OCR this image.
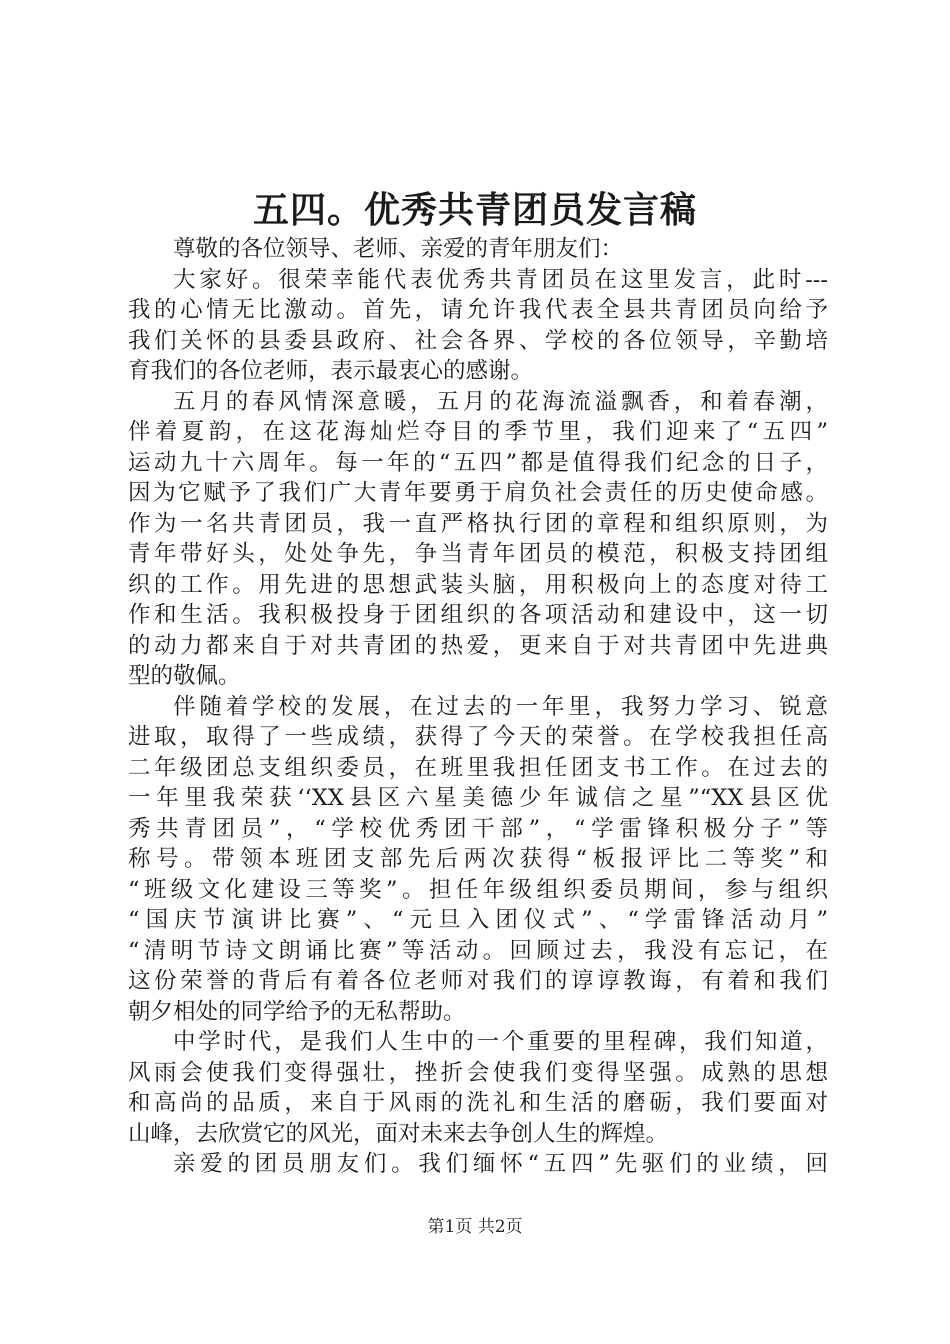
五四。优秀共青团员发言稿
尊敬的各位领导、老师、亲爱的青年朋友们：
大家好。很荣幸能代表优秀共青团员在这里发言，此时---
我的心情无比激动。首先，请允许我代表全县共青团员向给予
我们关怀的县委县政府、社会各界、学校的各位领导，辛勤培
育我们的各位老师，表示最衷心的感谢。
五月的春风情深意暖，五月的花海流溢飘香，和着春潮，
伴着夏韵，在这花海灿烂夺目的季节里，我们迎来了“五四”
运动九十六周年。每一年的“五四”都是值得我们纪念的日子，
因为它赋予了我们广大青年要勇于肩负社会责任的历史使命感。
作为一名共青团员，我一直严格执行团的章程和组织原则，为
青年带好头，处处争先，争当青年团员的模范，积极支持团组
织的工作。用先进的思想武装头脑，用积极向上的态度对待工
作和生活。我积极投身于团组织的各项活动和建设中，这一切
的动力都来自于对共青团的热爱，更来自于对共青团中先进典
型的敬佩。
伴随着学校的发展，在过去的一年里，我努力学习、锐意
进取，取得了一些成绩，获得了今天的荣誉。在学校我担任高
二年级团总支组织委员，在班里我担任团支书工作。在过去的
一年里我荣获‘‘XX县区六星美德少年诚信之星”“XX县区优
秀共青团员”，“学校优秀团干部”，“学雷锋积极分子”等
称号。带领本班团支部先后两次获得“板报评比二等奖”和
“班级文化建设三等奖”。担任年级组织委员期间，参与组织
“国庆节演讲比赛”、“元旦入团仪式”、“学雷锋活动月”
“清明节诗文朗诵比赛”等活动。回顾过去，我没有忘记，在
这份荣誉的背后有着各位老师对我们的谆谆教诲，有着和我们
朝夕相处的同学给予的无私帮助。
中学时代，是我们人生中的一个重要的里程碑，我们知道，
风雨会使我们变得强壮，挫折会使我们变得坚强。成熟的思想
和高尚的品质，来自于风雨的洗礼和生活的磨砺，我们要面对
山峰，去欣赏它的风光，面对未来去争创人生的辉煌。
亲爱的团员朋友们。我们缅怀“五四”先驱们的业绩，回
第1页 共2页
